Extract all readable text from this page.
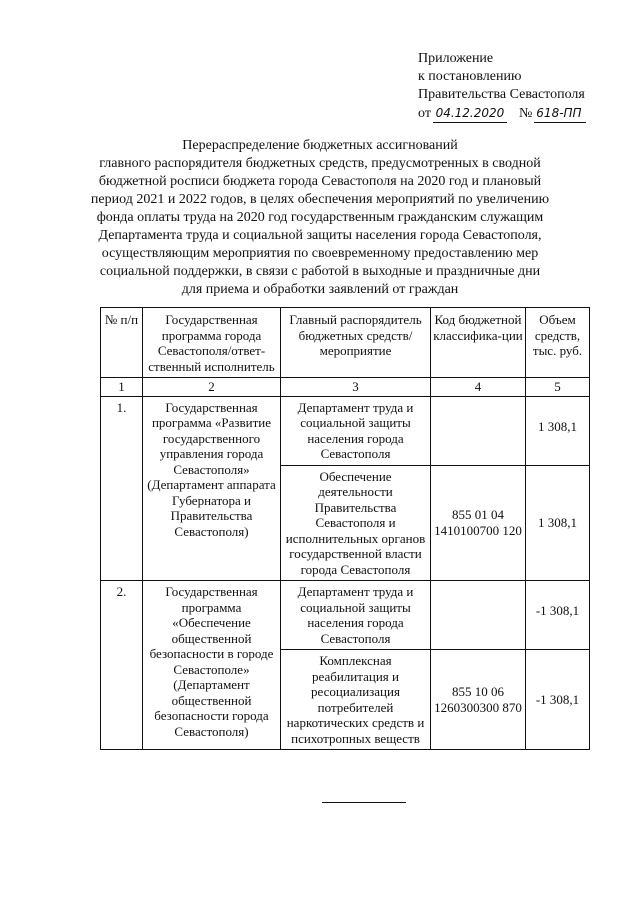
Приложение
к постановлению
Правительства Севастополя
от 04.12.2020 № 618-ПП
Перераспределение бюджетных ассигнований
главного распорядителя бюджетных средств, предусмотренных в сводной
бюджетной росписи бюджета города Севастополя на 2020 год и плановый
период 2021 и 2022 годов, в целях обеспечения мероприятий по увеличению
фонда оплаты труда на 2020 год государственным гражданским служащим
Департамента труда и социальной защиты населения города Севастополя,
осуществляющим мероприятия по своевременному предоставлению мер
социальной поддержки, в связи с работой в выходные и праздничные дни
для приема и обработки заявлений от граждан
№ п/п	Государственная программа города Севастополя/ответ-ственный исполнитель	Главный распорядитель бюджетных средств/мероприятие	Код бюджетной классифика-ции	Объем средств, тыс. руб.
1	2	3	4	5
1.	Государственная программа «Развитие государственного управления города Севастополя» (Департамент аппарата Губернатора и Правительства Севастополя)	Департамент труда и социальной защиты населения города Севастополя		1 308,1
		Обеспечение деятельности Правительства Севастополя и исполнительных органов государственной власти города Севастополя	855 01 04 1410100700 120	1 308,1
2.	Государственная программа «Обеспечение общественной безопасности в городе Севастополе» (Департамент общественной безопасности города Севастополя)	Департамент труда и социальной защиты населения города Севастополя		-1 308,1
		Комплексная реабилитация и ресоциализация потребителей наркотических средств и психотропных веществ	855 10 06 1260300300 870	-1 308,1
